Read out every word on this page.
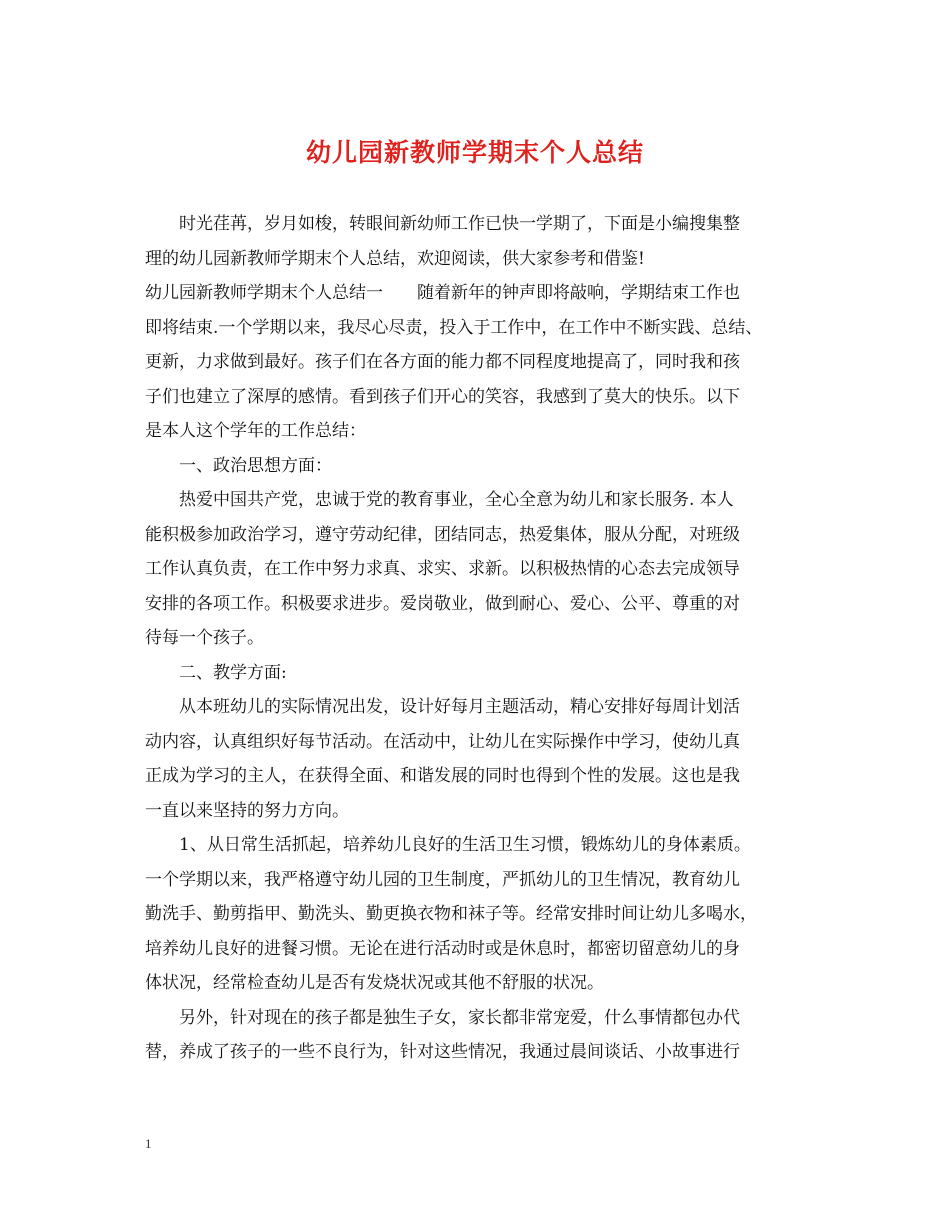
幼儿园新教师学期末个人总结
时光荏苒，岁月如梭，转眼间新幼师工作已快一学期了，下面是小编搜集整
理的幼儿园新教师学期末个人总结，欢迎阅读，供大家参考和借鉴!
幼儿园新教师学期末个人总结一 随着新年的钟声即将敲响，学期结束工作也
即将结束.一个学期以来，我尽心尽责，投入于工作中，在工作中不断实践、总结、
更新，力求做到最好。孩子们在各方面的能力都不同程度地提高了，同时我和孩
子们也建立了深厚的感情。看到孩子们开心的笑容，我感到了莫大的快乐。以下
是本人这个学年的工作总结：
一、政治思想方面：
热爱中国共产党，忠诚于党的教育事业，全心全意为幼儿和家长服务. 本人
能积极参加政治学习，遵守劳动纪律，团结同志，热爱集体，服从分配，对班级
工作认真负责，在工作中努力求真、求实、求新。以积极热情的心态去完成领导
安排的各项工作。积极要求进步。爱岗敬业，做到耐心、爱心、公平、尊重的对
待每一个孩子。
二、教学方面:
从本班幼儿的实际情况出发，设计好每月主题活动，精心安排好每周计划活
动内容，认真组织好每节活动。在活动中，让幼儿在实际操作中学习，使幼儿真
正成为学习的主人，在获得全面、和谐发展的同时也得到个性的发展。这也是我
一直以来坚持的努力方向。
1、从日常生活抓起，培养幼儿良好的生活卫生习惯，锻炼幼儿的身体素质。
一个学期以来，我严格遵守幼儿园的卫生制度，严抓幼儿的卫生情况，教育幼儿
勤洗手、勤剪指甲、勤洗头、勤更换衣物和袜子等。经常安排时间让幼儿多喝水，
培养幼儿良好的进餐习惯。无论在进行活动时或是休息时，都密切留意幼儿的身
体状况，经常检查幼儿是否有发烧状况或其他不舒服的状况。
另外，针对现在的孩子都是独生子女，家长都非常宠爱，什么事情都包办代
替，养成了孩子的一些不良行为，针对这些情况，我通过晨间谈话、小故事进行
1
